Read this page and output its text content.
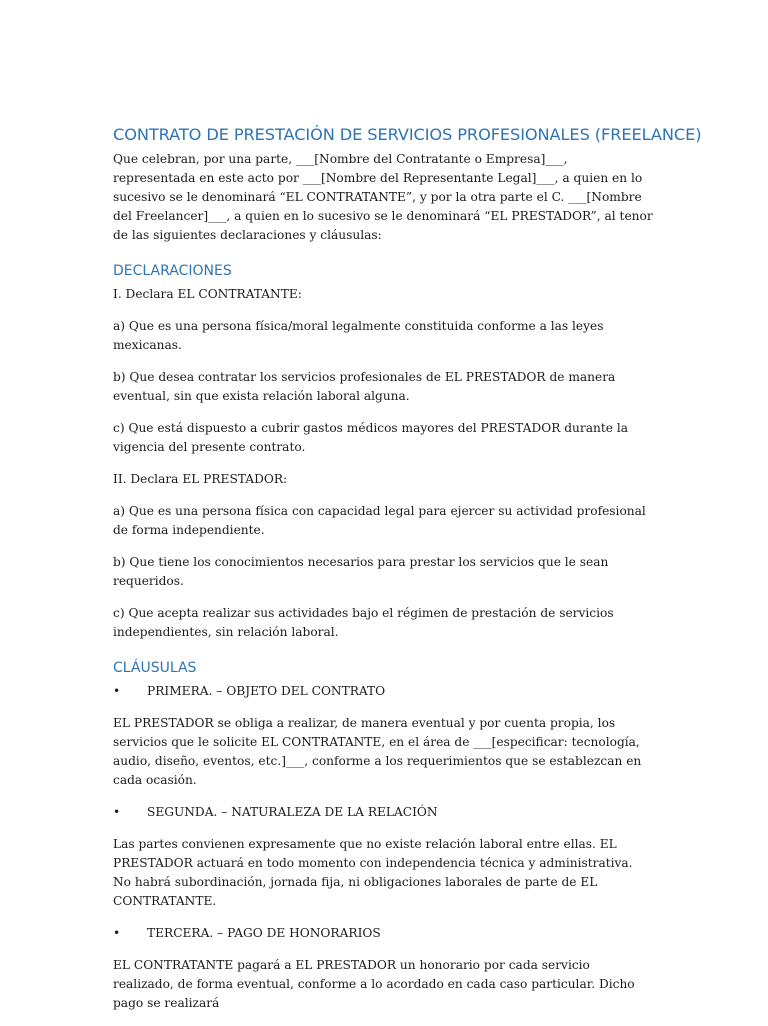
CONTRATO DE PRESTACIÓN DE SERVICIOS PROFESIONALES (FREELANCE)

Que celebran, por una parte, ___[Nombre del Contratante o Empresa]___, representada en este acto por ___[Nombre del Representante Legal]___, a quien en lo sucesivo se le denominará “EL CONTRATANTE”, y por la otra parte el C. ___[Nombre del Freelancer]___, a quien en lo sucesivo se le denominará “EL PRESTADOR”, al tenor de las siguientes declaraciones y cláusulas:

DECLARACIONES

I. Declara EL CONTRATANTE:

a) Que es una persona física/moral legalmente constituida conforme a las leyes mexicanas.

b) Que desea contratar los servicios profesionales de EL PRESTADOR de manera eventual, sin que exista relación laboral alguna.

c) Que está dispuesto a cubrir gastos médicos mayores del PRESTADOR durante la vigencia del presente contrato.

II. Declara EL PRESTADOR:

a) Que es una persona física con capacidad legal para ejercer su actividad profesional de forma independiente.

b) Que tiene los conocimientos necesarios para prestar los servicios que le sean requeridos.

c) Que acepta realizar sus actividades bajo el régimen de prestación de servicios independientes, sin relación laboral.

CLÁUSULAS

• PRIMERA. – OBJETO DEL CONTRATO

EL PRESTADOR se obliga a realizar, de manera eventual y por cuenta propia, los servicios que le solicite EL CONTRATANTE, en el área de ___[especificar: tecnología, audio, diseño, eventos, etc.]___, conforme a los requerimientos que se establezcan en cada ocasión.

• SEGUNDA. – NATURALEZA DE LA RELACIÓN

Las partes convienen expresamente que no existe relación laboral entre ellas. EL PRESTADOR actuará en todo momento con independencia técnica y administrativa. No habrá subordinación, jornada fija, ni obligaciones laborales de parte de EL CONTRATANTE.

• TERCERA. – PAGO DE HONORARIOS

EL CONTRATANTE pagará a EL PRESTADOR un honorario por cada servicio realizado, de forma eventual, conforme a lo acordado en cada caso particular. Dicho pago se realizará
